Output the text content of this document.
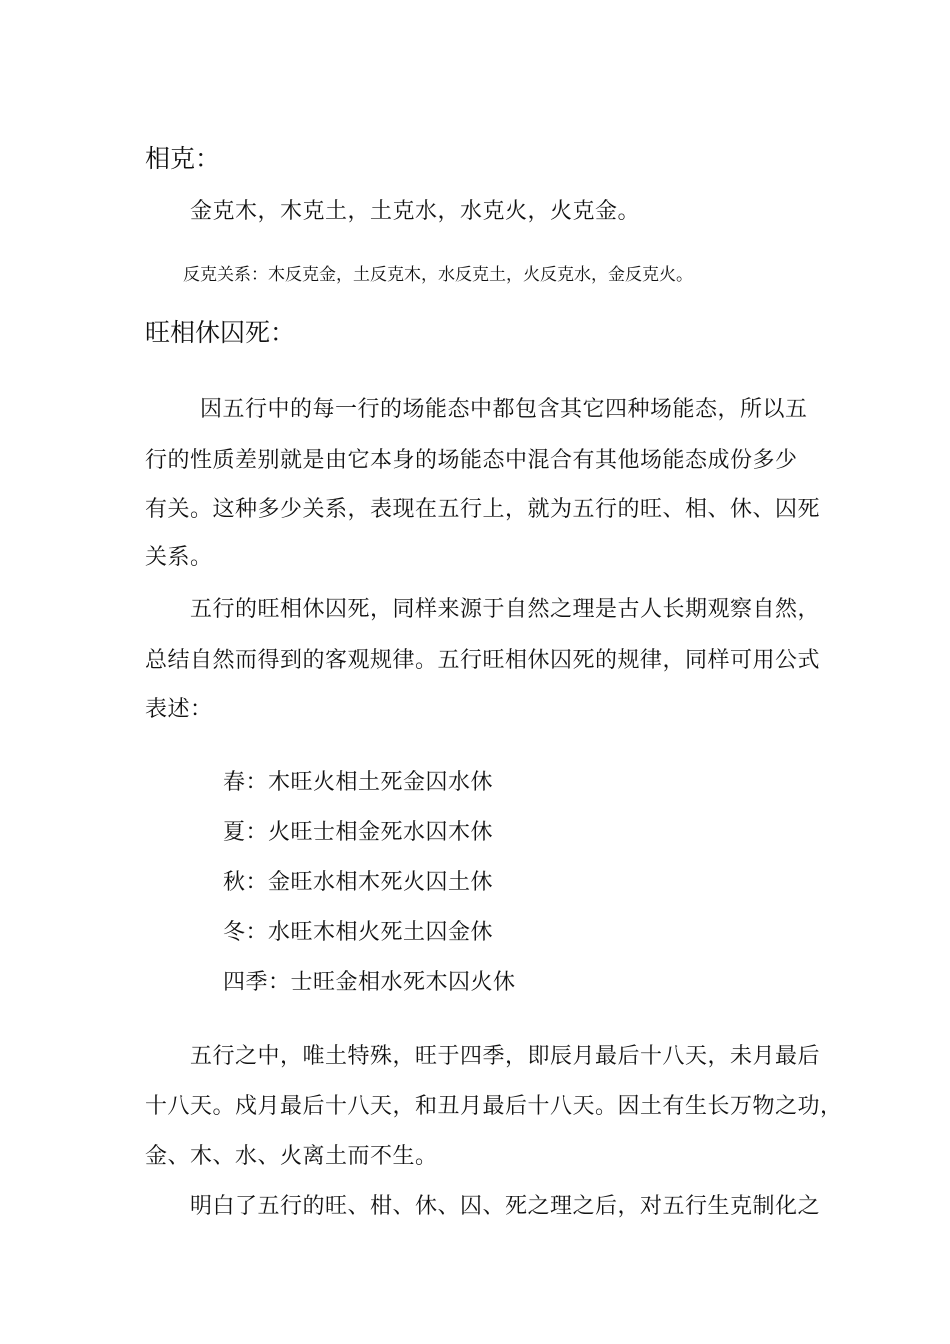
相克：
金克木，木克土，土克水，水克火，火克金。
反克关系：木反克金，土反克木，水反克土，火反克水，金反克火。
旺相休囚死：
因五行中的每一行的场能态中都包含其它四种场能态，所以五
行的性质差别就是由它本身的场能态中混合有其他场能态成份多少
有关。这种多少关系，表现在五行上，就为五行的旺、相、休、囚死
关系。
五行的旺相休囚死，同样来源于自然之理是古人长期观察自然，
总结自然而得到的客观规律。五行旺相休囚死的规律，同样可用公式
表述：
春：木旺火相土死金囚水休
夏：火旺士相金死水囚木休
秋：金旺水相木死火囚土休
冬：水旺木相火死土囚金休
四季：士旺金相水死木囚火休
五行之中，唯土特殊，旺于四季，即辰月最后十八天，未月最后
十八天。戍月最后十八天，和丑月最后十八天。因土有生长万物之功，
金、木、水、火离土而不生。
明白了五行的旺、柑、休、囚、死之理之后，对五行生克制化之
